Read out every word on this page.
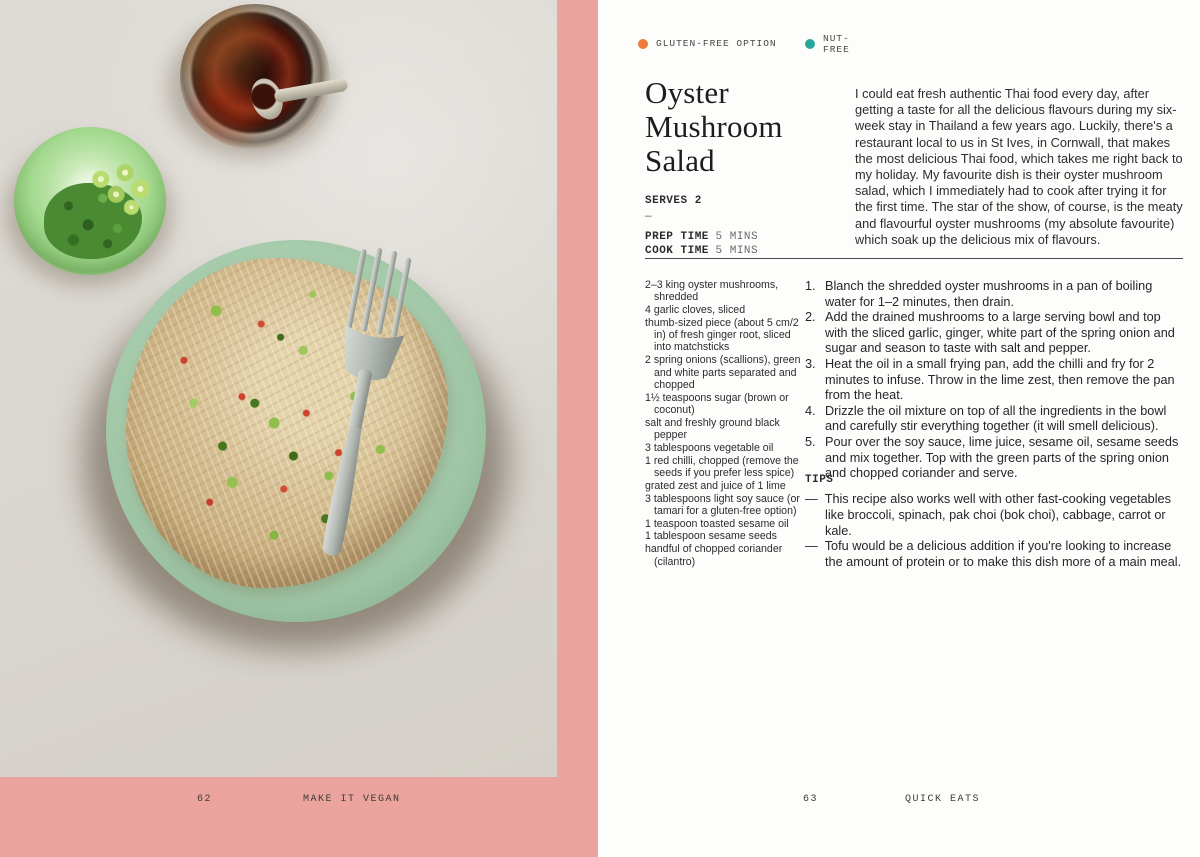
62	MAKE IT VEGAN
GLUTEN-FREE OPTION	NUT-FREE
Oyster
Mushroom
Salad
SERVES 2
—
PREP TIME 5 MINS
COOK TIME 5 MINS

I could eat fresh authentic Thai food every day, after getting a taste for all the delicious flavours during my six-week stay in Thailand a few years ago. Luckily, there's a restaurant local to us in St Ives, in Cornwall, that makes the most delicious Thai food, which takes me right back to my holiday. My favourite dish is their oyster mushroom salad, which I immediately had to cook after trying it for the first time. The star of the show, of course, is the meaty and flavourful oyster mushrooms (my absolute favourite) which soak up the delicious mix of flavours.

2–3 king oyster mushrooms, shredded
4 garlic cloves, sliced
thumb-sized piece (about 5 cm/2 in) of fresh ginger root, sliced into matchsticks
2 spring onions (scallions), green and white parts separated and chopped
1½ teaspoons sugar (brown or coconut)
salt and freshly ground black pepper
3 tablespoons vegetable oil
1 red chilli, chopped (remove the seeds if you prefer less spice)
grated zest and juice of 1 lime
3 tablespoons light soy sauce (or tamari for a gluten-free option)
1 teaspoon toasted sesame oil
1 tablespoon sesame seeds
handful of chopped coriander (cilantro)
1. Blanch the shredded oyster mushrooms in a pan of boiling water for 1–2 minutes, then drain.
2. Add the drained mushrooms to a large serving bowl and top with the sliced garlic, ginger, white part of the spring onion and sugar and season to taste with salt and pepper.
3. Heat the oil in a small frying pan, add the chilli and fry for 2 minutes to infuse. Throw in the lime zest, then remove the pan from the heat.
4. Drizzle the oil mixture on top of all the ingredients in the bowl and carefully stir everything together (it will smell delicious).
5. Pour over the soy sauce, lime juice, sesame oil, sesame seeds and mix together. Top with the green parts of the spring onion and chopped coriander and serve.
TIPS
— This recipe also works well with other fast-cooking vegetables like broccoli, spinach, pak choi (bok choi), cabbage, carrot or kale.
— Tofu would be a delicious addition if you're looking to increase the amount of protein or to make this dish more of a main meal.
63	QUICK EATS
